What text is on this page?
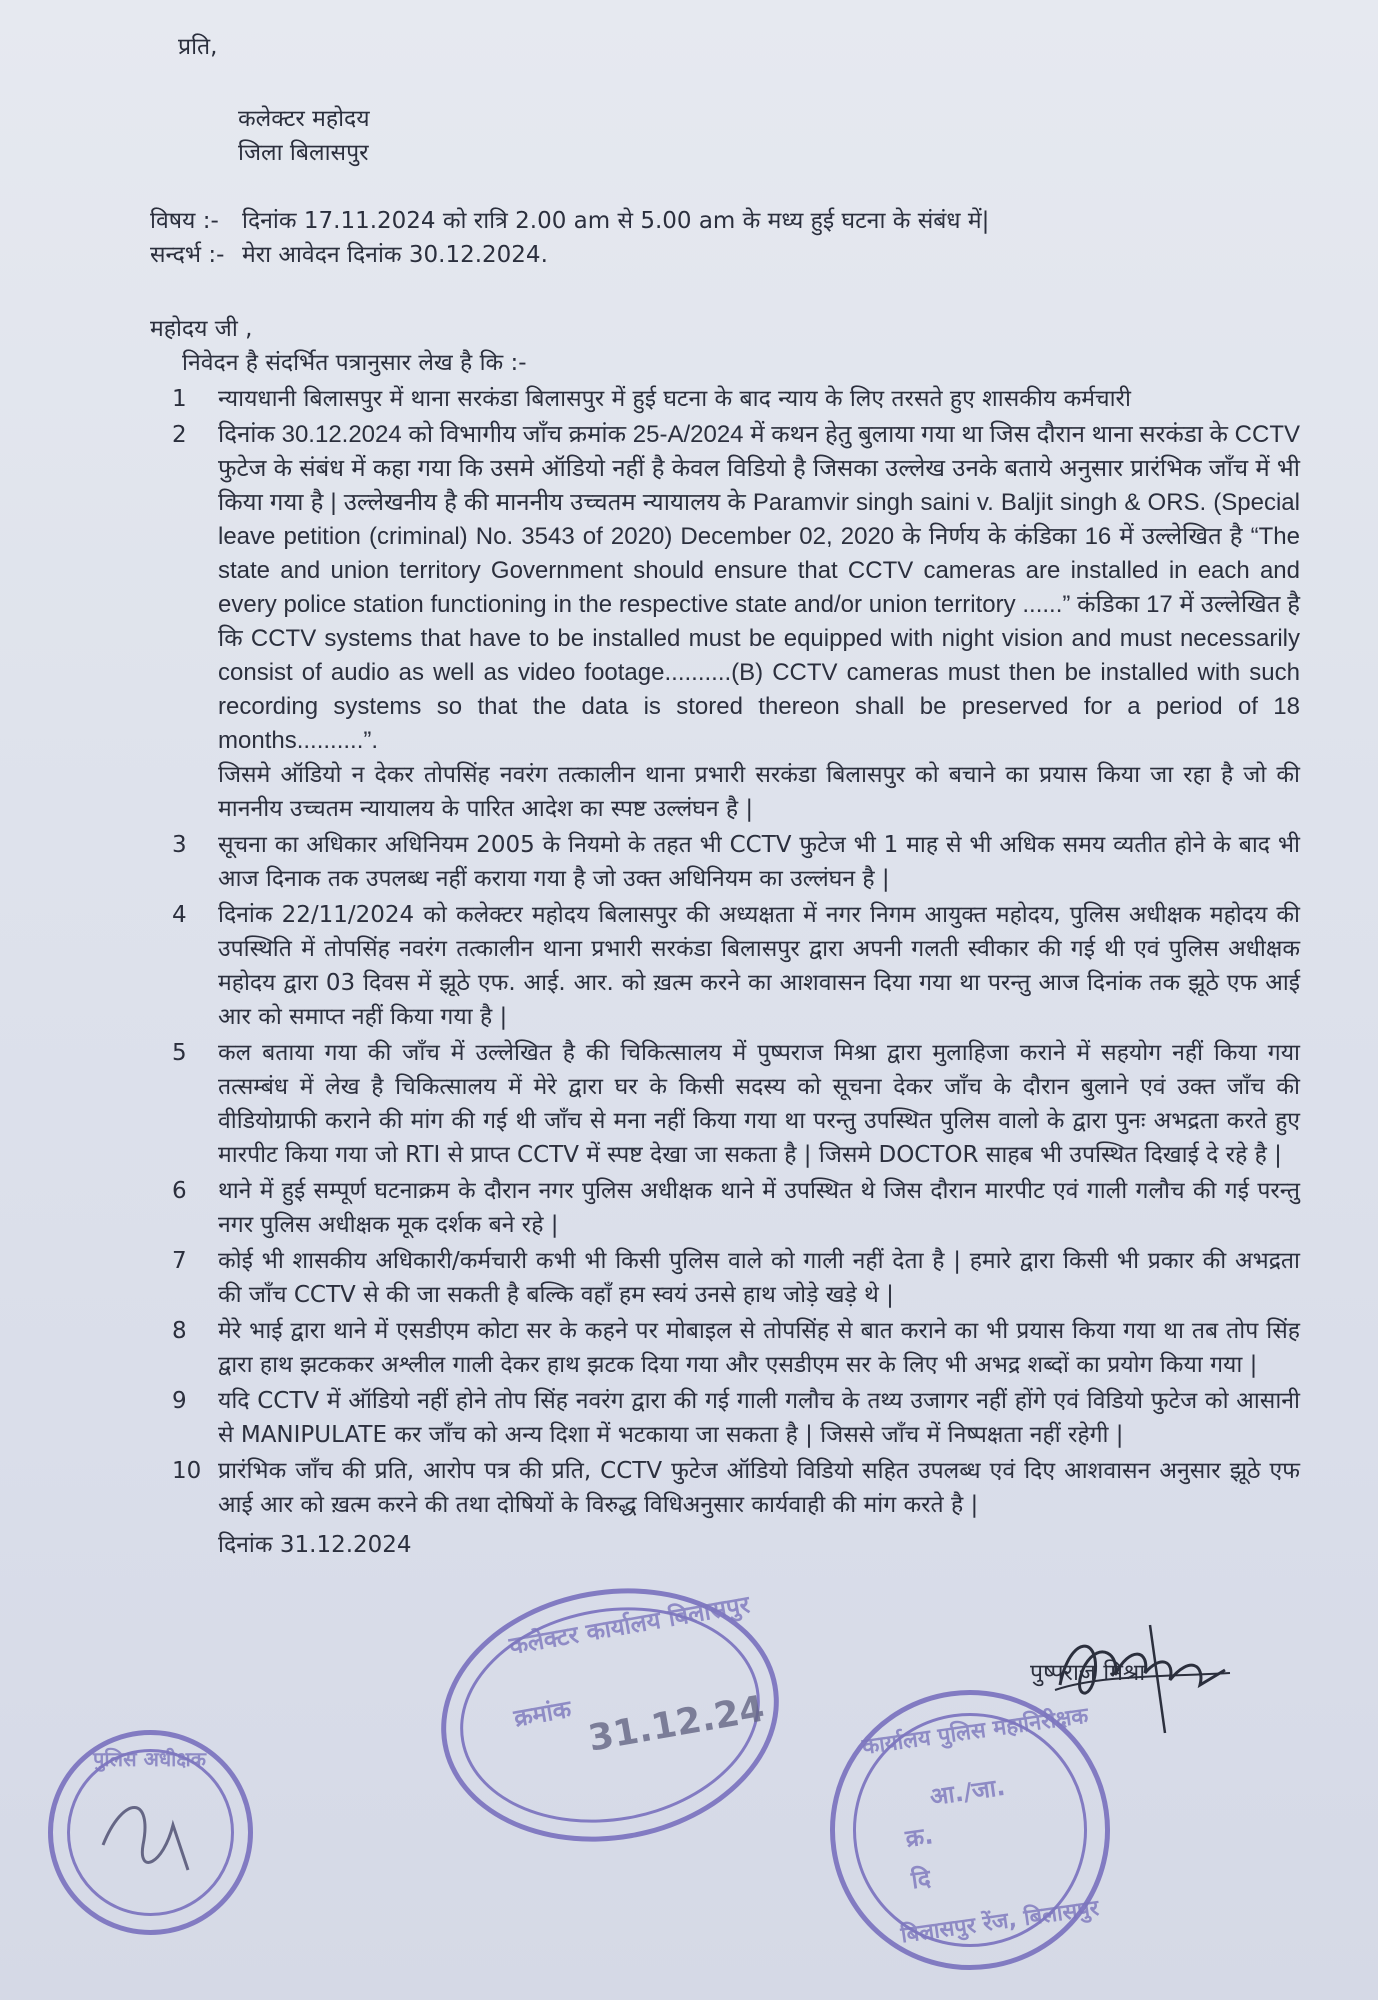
प्रति,
कलेक्टर महोदय
जिला बिलासपुर
विषय :-	दिनांक 17.11.2024 को रात्रि 2.00 am से 5.00 am के मध्य हुई घटना के संबंध में|
सन्दर्भ :- मेरा आवेदन दिनांक 30.12.2024.
महोदय जी ,
निवेदन है संदर्भित पत्रानुसार लेख है कि :-
1	न्यायधानी बिलासपुर में थाना सरकंडा बिलासपुर में हुई घटना के बाद न्याय के लिए तरसते हुए शासकीय कर्मचारी
2	दिनांक 30.12.2024 को विभागीय जाँच क्रमांक 25-A/2024 में कथन हेतु बुलाया गया था जिस दौरान थाना सरकंडा के CCTV फुटेज के संबंध में कहा गया कि उसमे ऑडियो नहीं है केवल विडियो है जिसका उल्लेख उनके बताये अनुसार प्रारंभिक जाँच में भी किया गया है | उल्लेखनीय है की माननीय उच्चतम न्यायालय के Paramvir singh saini v. Baljit singh & ORS. (Special leave petition (criminal) No. 3543 of 2020) December 02, 2020 के निर्णय के कंडिका 16 में उल्लेखित है “The state and union territory Government should ensure that CCTV cameras are installed in each and every police station functioning in the respective state and/or union territory ......” कंडिका 17 में उल्लेखित है कि CCTV systems that have to be installed must be equipped with night vision and must necessarily consist of audio as well as video footage..........(B) CCTV cameras must then be installed with such recording systems so that the data is stored thereon shall be preserved for a period of 18 months..........”.
जिसमे ऑडियो न देकर तोपसिंह नवरंग तत्कालीन थाना प्रभारी सरकंडा बिलासपुर को बचाने का प्रयास किया जा रहा है जो की माननीय उच्चतम न्यायालय के पारित आदेश का स्पष्ट उल्लंघन है |
3	सूचना का अधिकार अधिनियम 2005 के नियमो के तहत भी CCTV फुटेज भी 1 माह से भी अधिक समय व्यतीत होने के बाद भी आज दिनाक तक उपलब्ध नहीं कराया गया है जो उक्त अधिनियम का उल्लंघन है |
4	दिनांक 22/11/2024 को कलेक्टर महोदय बिलासपुर की अध्यक्षता में नगर निगम आयुक्त महोदय, पुलिस अधीक्षक महोदय की उपस्थिति में तोपसिंह नवरंग तत्कालीन थाना प्रभारी सरकंडा बिलासपुर द्वारा अपनी गलती स्वीकार की गई थी एवं पुलिस अधीक्षक महोदय द्वारा 03 दिवस में झूठे एफ. आई. आर. को ख़त्म करने का आशवासन दिया गया था परन्तु आज दिनांक तक झूठे एफ आई आर को समाप्त नहीं किया गया है |
5	कल बताया गया की जाँच में उल्लेखित है की चिकित्सालय में पुष्पराज मिश्रा द्वारा मुलाहिजा कराने में सहयोग नहीं किया गया तत्सम्बंध में लेख है चिकित्सालय में मेरे द्वारा घर के किसी सदस्य को सूचना देकर जाँच के दौरान बुलाने एवं उक्त जाँच की वीडियोग्राफी कराने की मांग की गई थी जाँच से मना नहीं किया गया था परन्तु उपस्थित पुलिस वालो के द्वारा पुनः अभद्रता करते हुए मारपीट किया गया जो RTI से प्राप्त CCTV में स्पष्ट देखा जा सकता है | जिसमे DOCTOR साहब भी उपस्थित दिखाई दे रहे है |
6	थाने में हुई सम्पूर्ण घटनाक्रम के दौरान नगर पुलिस अधीक्षक थाने में उपस्थित थे जिस दौरान मारपीट एवं गाली गलौच की गई परन्तु नगर पुलिस अधीक्षक मूक दर्शक बने रहे |
7	कोई भी शासकीय अधिकारी/कर्मचारी कभी भी किसी पुलिस वाले को गाली नहीं देता है | हमारे द्वारा किसी भी प्रकार की अभद्रता की जाँच CCTV से की जा सकती है बल्कि वहाँ हम स्वयं उनसे हाथ जोड़े खड़े थे |
8	मेरे भाई द्वारा थाने में एसडीएम कोटा सर के कहने पर मोबाइल से तोपसिंह से बात कराने का भी प्रयास किया गया था तब तोप सिंह द्वारा हाथ झटककर अश्लील गाली देकर हाथ झटक दिया गया और एसडीएम सर के लिए भी अभद्र शब्दों का प्रयोग किया गया |
9	यदि CCTV में ऑडियो नहीं होने तोप सिंह नवरंग द्वारा की गई गाली गलौच के तथ्य उजागर नहीं होंगे एवं विडियो फुटेज को आसानी से MANIPULATE कर जाँच को अन्य दिशा में भटकाया जा सकता है | जिससे जाँच में निष्पक्षता नहीं रहेगी |
10 प्रारंभिक जाँच की प्रति, आरोप पत्र की प्रति, CCTV फुटेज ऑडियो विडियो सहित उपलब्ध एवं दिए आशवासन अनुसार झूठे एफ आई आर को ख़त्म करने की तथा दोषियों के विरुद्ध विधिअनुसार कार्यवाही की मांग करते है |
दिनांक 31.12.2024
पुष्पराज मिश्रा
कलेक्टर कार्यालय बिलासपुर
क्रमांक 31.12.24	कार्यालय पुलिस महानिरीक्षक
आ./जा.
क्र.
दि
बिलासपुर रेंज, बिलासपुर
पुलिस अधीक्षक
